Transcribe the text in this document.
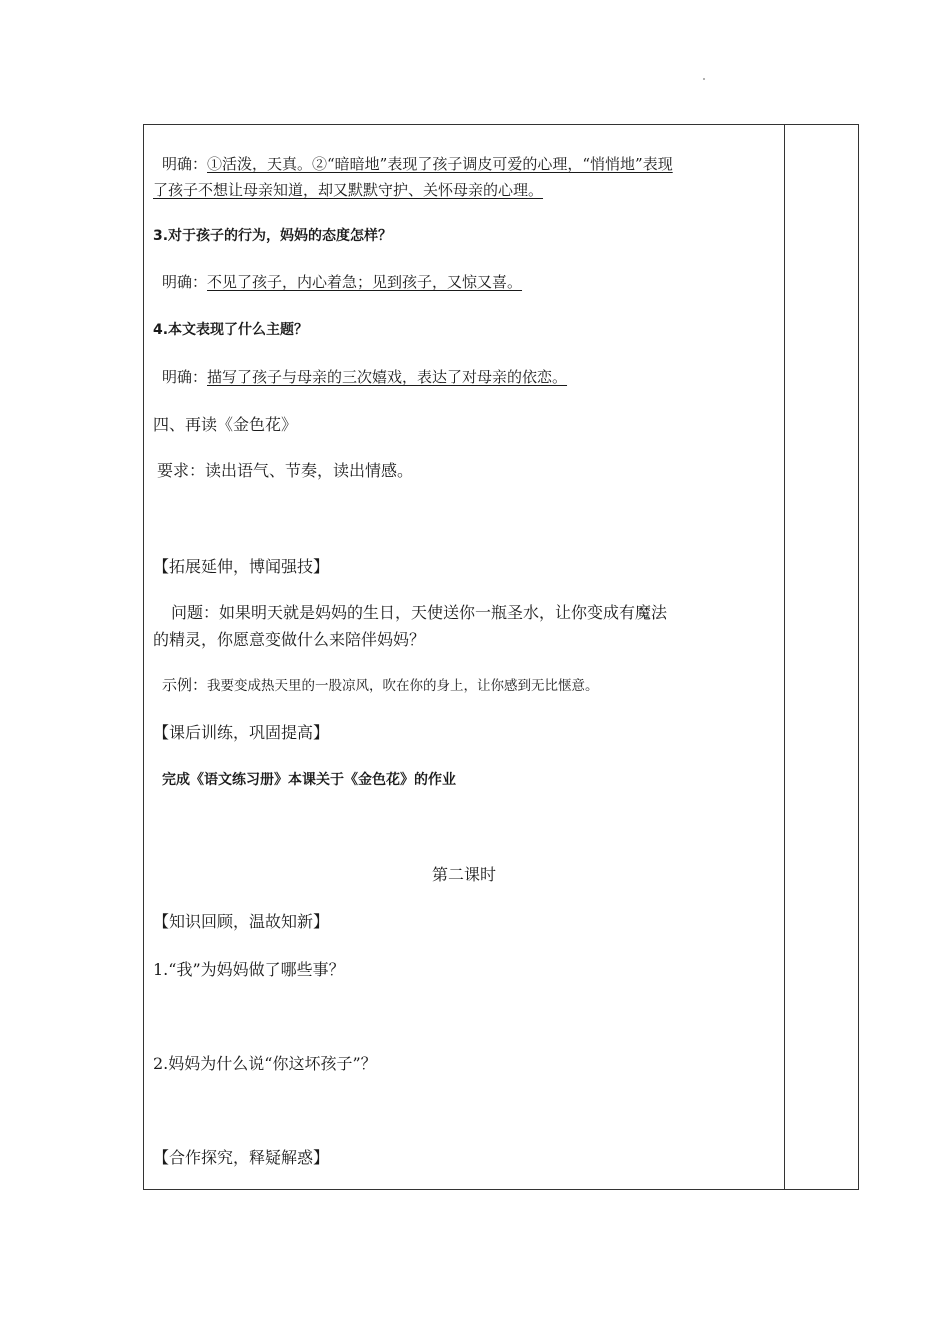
明确：①活泼，天真。②“暗暗地”表现了孩子调皮可爱的心理，“悄悄地”表现
了孩子不想让母亲知道，却又默默守护、关怀母亲的心理。
3.对于孩子的行为，妈妈的态度怎样？
明确：不见了孩子，内心着急；见到孩子，又惊又喜。
4.本文表现了什么主题？
明确：描写了孩子与母亲的三次嬉戏，表达了对母亲的依恋。
四、再读《金色花》
要求：读出语气、节奏，读出情感。
【拓展延伸，博闻强技】
问题：如果明天就是妈妈的生日，天使送你一瓶圣水，让你变成有魔法
的精灵，你愿意变做什么来陪伴妈妈？
示例：我要变成热天里的一股凉风，吹在你的身上，让你感到无比惬意。
【课后训练，巩固提高】
完成《语文练习册》本课关于《金色花》的作业
第二课时
【知识回顾，温故知新】
1.“我”为妈妈做了哪些事？
2.妈妈为什么说“你这坏孩子”？
【合作探究，释疑解惑】
